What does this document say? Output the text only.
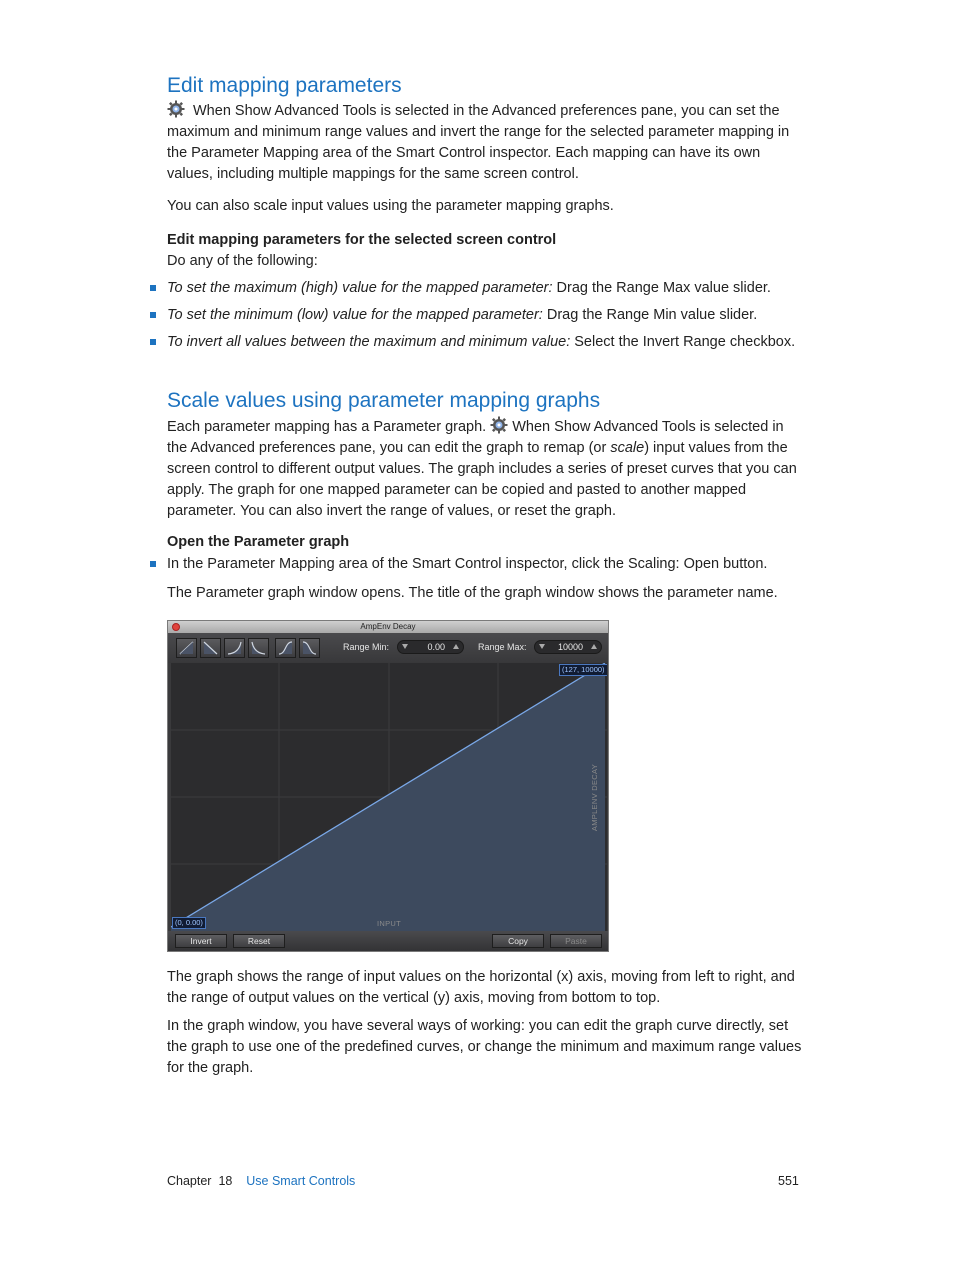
Edit mapping parameters

When Show Advanced Tools is selected in the Advanced preferences pane, you can set the maximum and minimum range values and invert the range for the selected parameter mapping in the Parameter Mapping area of the Smart Control inspector. Each mapping can have its own values, including multiple mappings for the same screen control.

You can also scale input values using the parameter mapping graphs.

Edit mapping parameters for the selected screen control

Do any of the following:

To set the maximum (high) value for the mapped parameter: Drag the Range Max value slider.

To set the minimum (low) value for the mapped parameter: Drag the Range Min value slider.

To invert all values between the maximum and minimum value: Select the Invert Range checkbox.

Scale values using parameter mapping graphs

Each parameter mapping has a Parameter graph.  When Show Advanced Tools is selected in the Advanced preferences pane, you can edit the graph to remap (or scale) input values from the screen control to different output values. The graph includes a series of preset curves that you can apply. The graph for one mapped parameter can be copied and pasted to another mapped parameter. You can also invert the range of values, or reset the graph.

Open the Parameter graph

In the Parameter Mapping area of the Smart Control inspector, click the Scaling: Open button.

The Parameter graph window opens. The title of the graph window shows the parameter name.

AmpEnv Decay
Range Min:	0.00	Range Max:	10000
(127, 10000)
(0, 0.00)	INPUT
AMPLENV DECAY
Invert	Reset	Copy	Paste

The graph shows the range of input values on the horizontal (x) axis, moving from left to right, and the range of output values on the vertical (y) axis, moving from bottom to top.

In the graph window, you have several ways of working: you can edit the graph curve directly, set the graph to use one of the predefined curves, or change the minimum and maximum range values for the graph.

Chapter 18 Use Smart Controls	551
